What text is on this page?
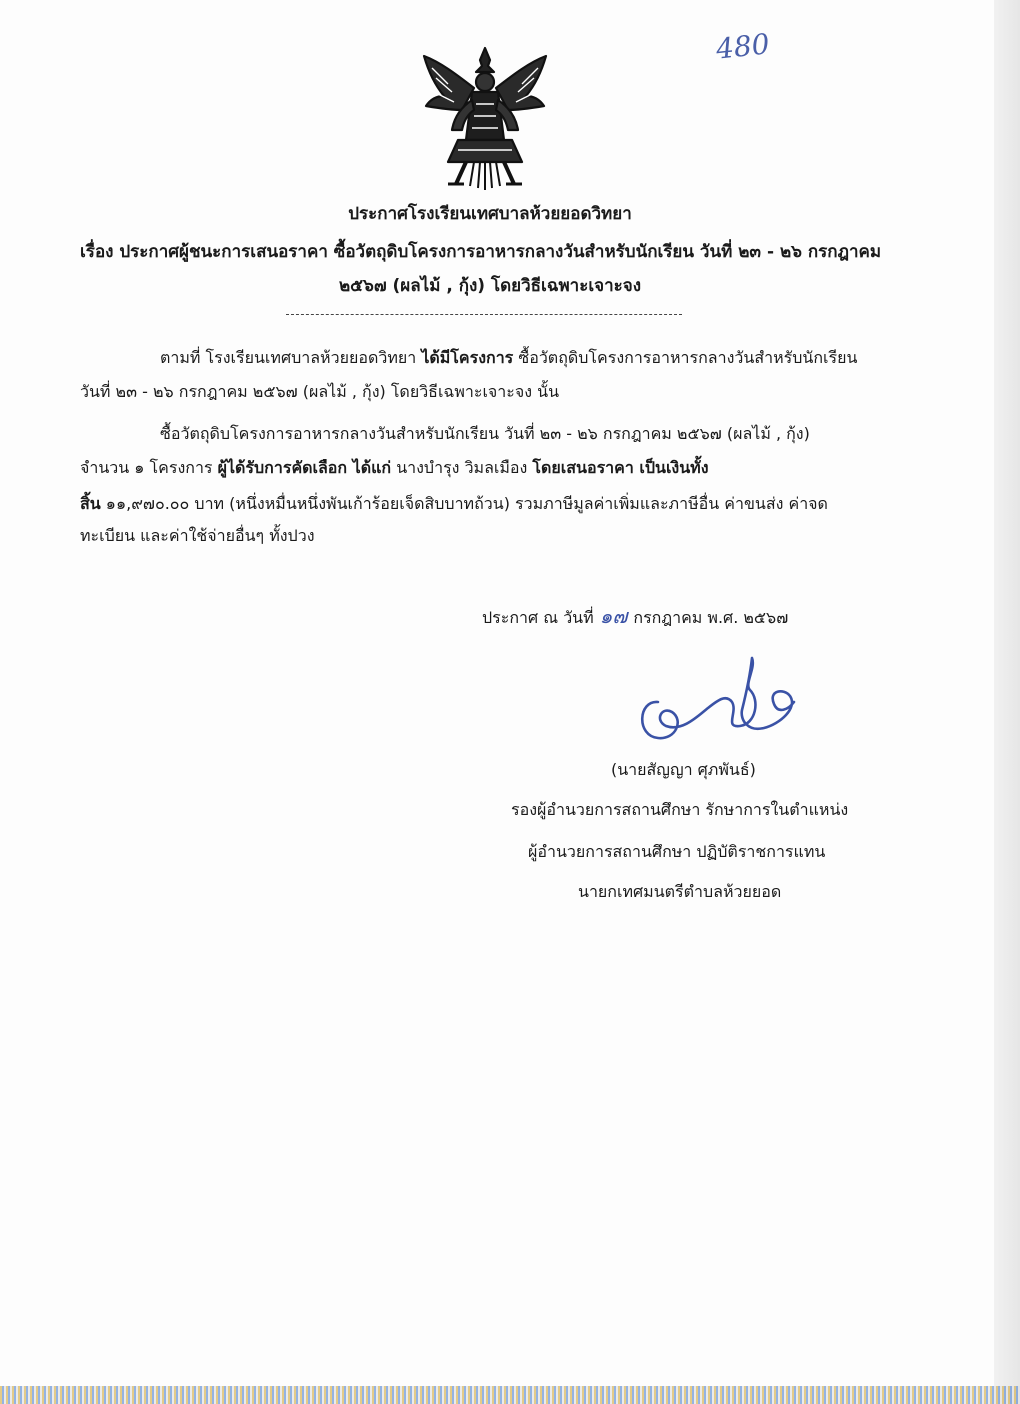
480
ประกาศโรงเรียนเทศบาลห้วยยอดวิทยา
เรื่อง ประกาศผู้ชนะการเสนอราคา ซื้อวัตถุดิบโครงการอาหารกลางวันสำหรับนักเรียน วันที่ ๒๓ - ๒๖ กรกฎาคม
๒๕๖๗ (ผลไม้ , กุ้ง) โดยวิธีเฉพาะเจาะจง
ตามที่ โรงเรียนเทศบาลห้วยยอดวิทยา ได้มีโครงการ ซื้อวัตถุดิบโครงการอาหารกลางวันสำหรับนักเรียน
วันที่ ๒๓ - ๒๖ กรกฎาคม ๒๕๖๗ (ผลไม้ , กุ้ง) โดยวิธีเฉพาะเจาะจง นั้น
ซื้อวัตถุดิบโครงการอาหารกลางวันสำหรับนักเรียน วันที่ ๒๓ - ๒๖ กรกฎาคม ๒๕๖๗ (ผลไม้ , กุ้ง)
จำนวน ๑ โครงการ ผู้ได้รับการคัดเลือก ได้แก่ นางบำรุง วิมลเมือง โดยเสนอราคา เป็นเงินทั้ง
สิ้น ๑๑,๙๗๐.๐๐ บาท (หนึ่งหมื่นหนึ่งพันเก้าร้อยเจ็ดสิบบาทถ้วน) รวมภาษีมูลค่าเพิ่มและภาษีอื่น ค่าขนส่ง ค่าจด
ทะเบียน และค่าใช้จ่ายอื่นๆ ทั้งปวง
ประกาศ ณ วันที่ ๑๗ กรกฎาคม พ.ศ. ๒๕๖๗
(นายสัญญา ศุภพันธ์)
รองผู้อำนวยการสถานศึกษา รักษาการในตำแหน่ง
ผู้อำนวยการสถานศึกษา ปฏิบัติราชการแทน
นายกเทศมนตรีตำบลห้วยยอด
